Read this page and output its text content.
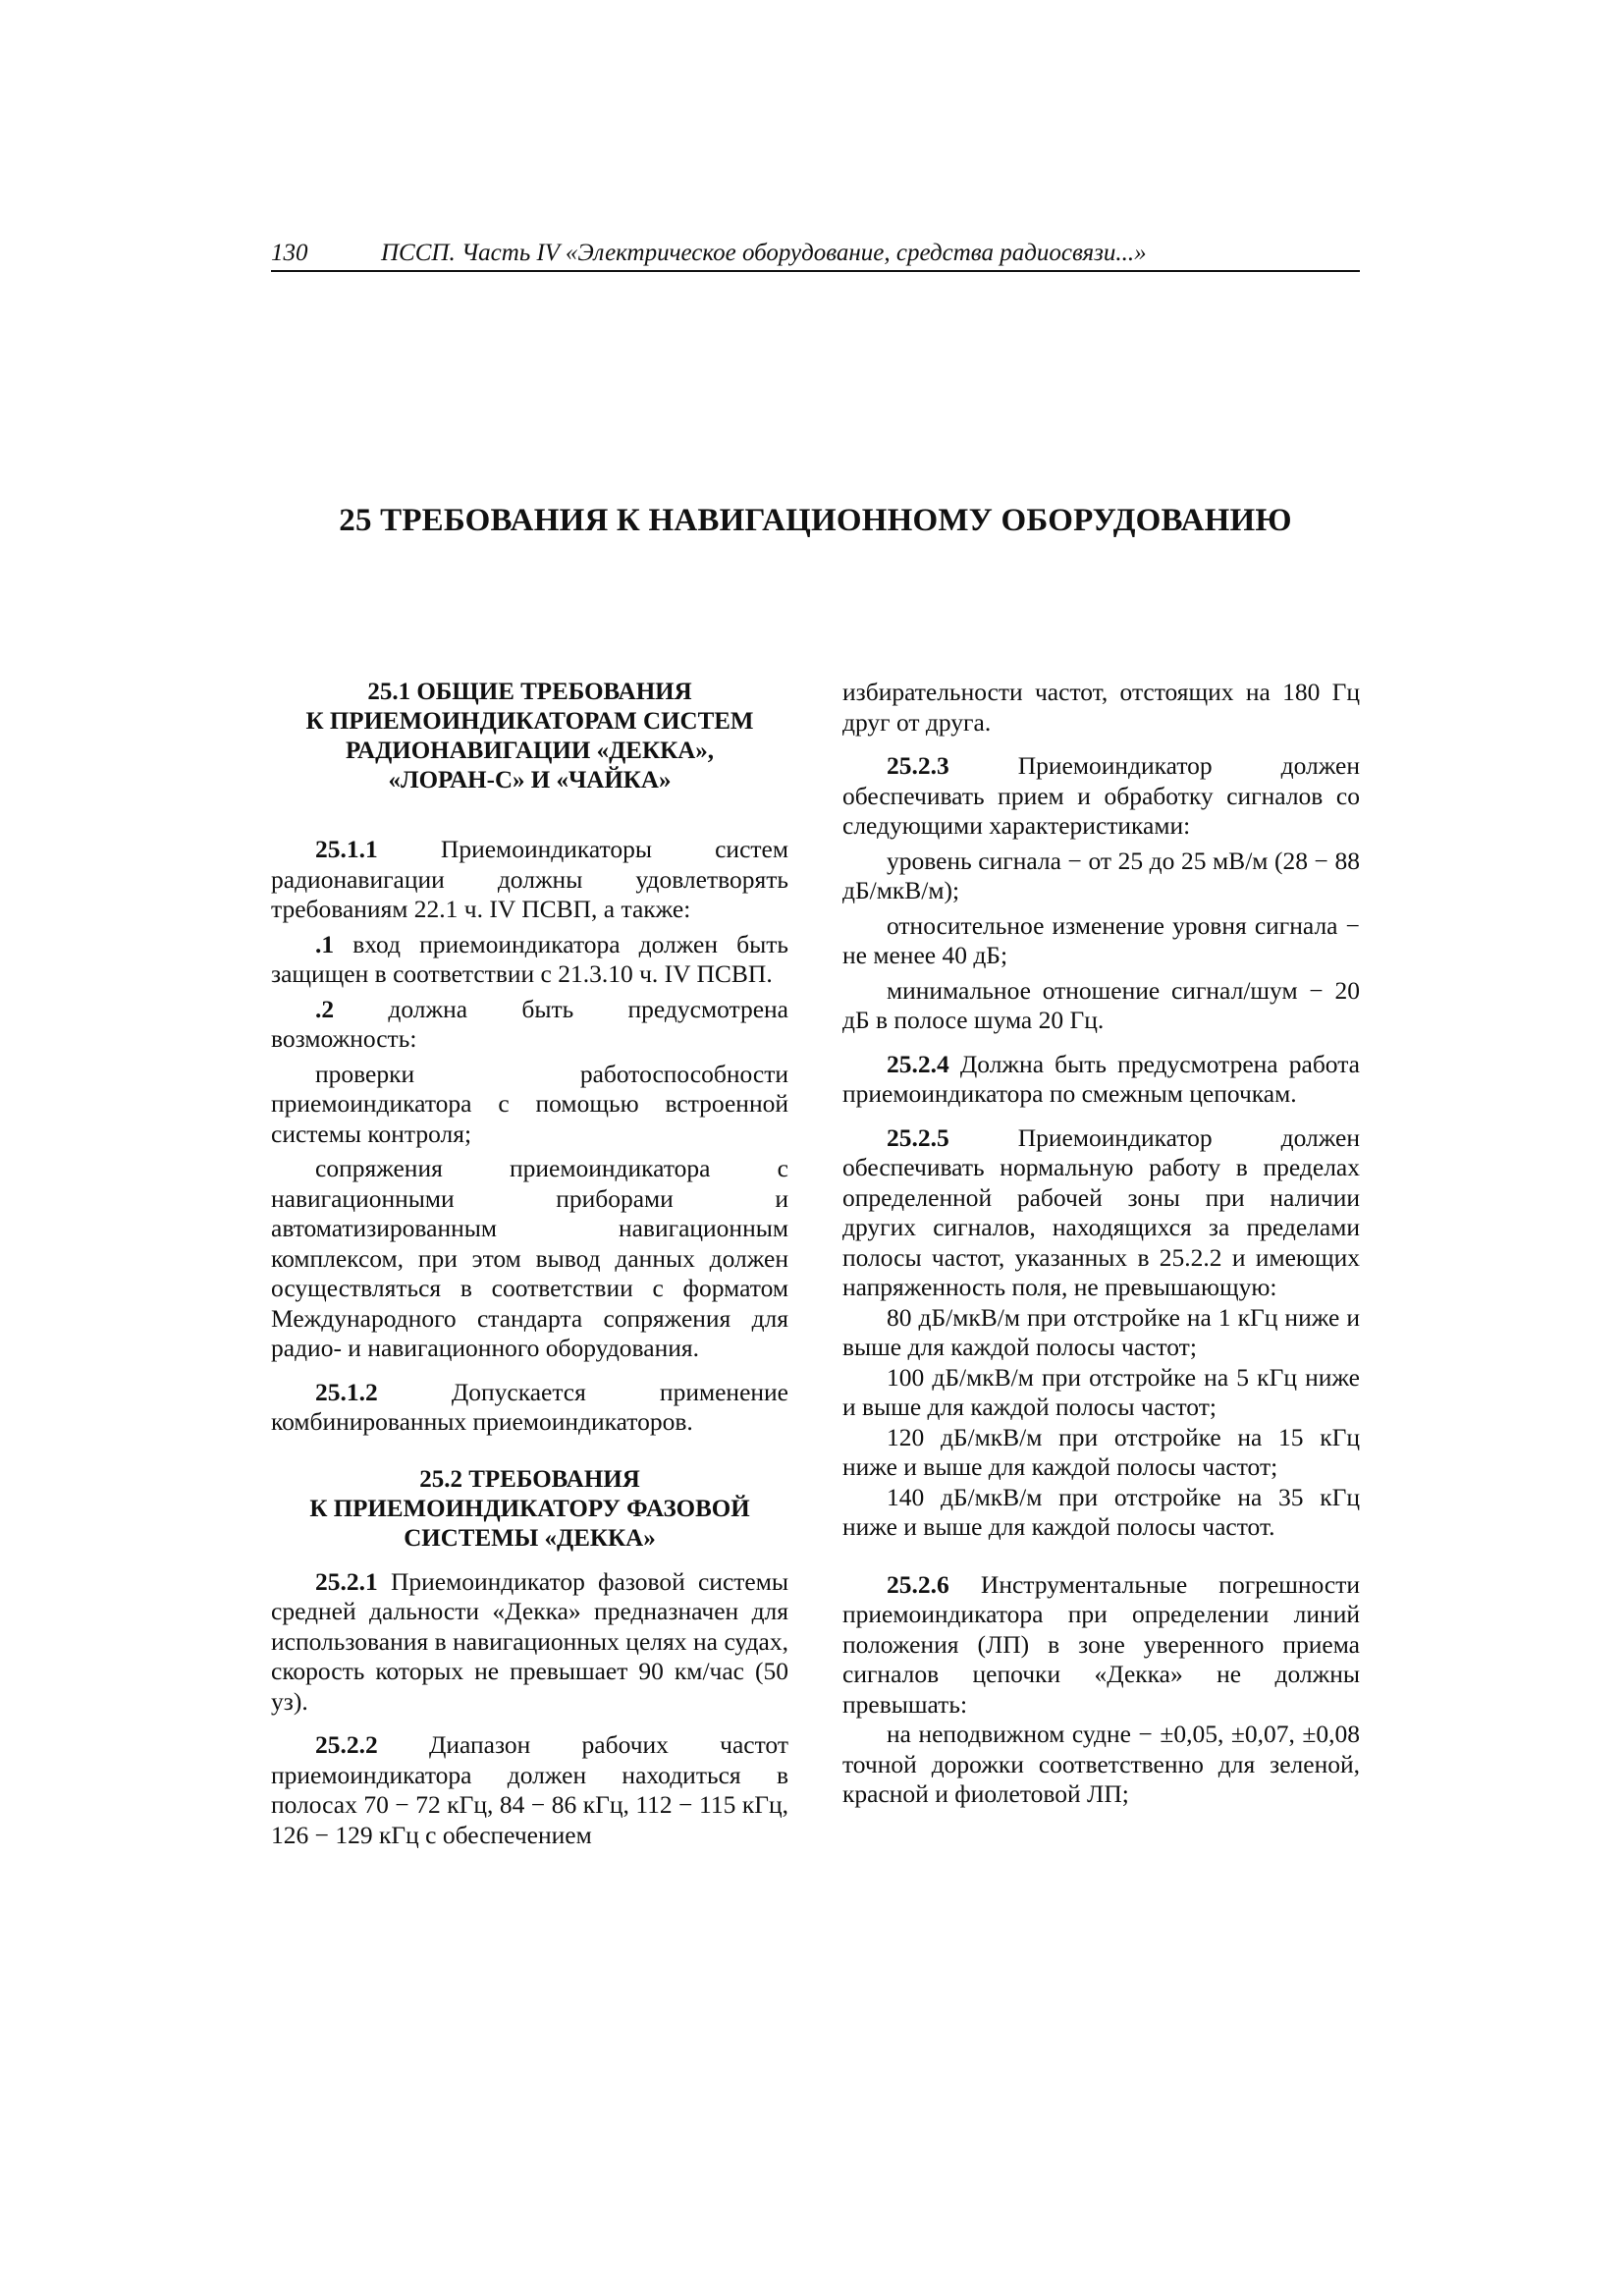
130	ПССП. Часть IV «Электрическое оборудование, средства радиосвязи...»
25 ТРЕБОВАНИЯ К НАВИГАЦИОННОМУ ОБОРУДОВАНИЮ
25.1 ОБЩИЕ ТРЕБОВАНИЯ
К ПРИЕМОИНДИКАТОРАМ СИСТЕМ
РАДИОНАВИГАЦИИ «ДЕККА»,
«ЛОРАН-С» И «ЧАЙКА»

25.1.1	Приемоиндикаторы систем радионавигации должны удовлетворять требованиям 22.1 ч. IV ПСВП, а также:

.1 вход приемоиндикатора должен быть защищен в соответствии с 21.3.10 ч. IV ПСВП.

.2 должна быть предусмотрена возможность:

проверки работоспособности приемоиндикатора с помощью встроенной системы контроля;

сопряжения приемоиндикатора с навигационными приборами и автоматизированным навигационным комплексом, при этом вывод данных должен осуществляться в соответствии с форматом Международного стандарта сопряжения для радио- и навигационного оборудования.

25.1.2	Допускается применение комбинированных приемоиндикаторов.

25.2 ТРЕБОВАНИЯ
К ПРИЕМОИНДИКАТОРУ ФАЗОВОЙ
СИСТЕМЫ «ДЕККА»

25.2.1 Приемоиндикатор фазовой системы средней дальности «Декка» предназначен для использования в навигационных целях на судах, скорость которых не превышает 90 км/час (50 уз).

25.2.2 Диапазон рабочих частот приемоиндикатора должен находиться в полосах 70 − 72 кГц, 84 − 86 кГц, 112 − 115 кГц, 126 − 129 кГц с обеспечением

избирательности частот, отстоящих на 180 Гц друг от друга.

25.2.3	Приемоиндикатор должен обеспечивать прием и обработку сигналов со следующими характеристиками:

уровень сигнала − от 25 до 25 мВ/м (28 − 88 дБ/мкВ/м);

относительное изменение уровня сигнала − не менее 40 дБ;

минимальное отношение сигнал/шум − 20 дБ в полосе шума 20 Гц.

25.2.4 Должна быть предусмотрена работа приемоиндикатора по смежным цепочкам.

25.2.5	Приемоиндикатор должен обеспечивать нормальную работу в пределах определенной рабочей зоны при наличии других сигналов, находящихся за пределами полосы частот, указанных в 25.2.2 и имеющих напряженность поля, не превышающую:

80 дБ/мкВ/м при отстройке на 1 кГц ниже и выше для каждой полосы частот;

100 дБ/мкВ/м при отстройке на 5 кГц ниже и выше для каждой полосы частот;

120 дБ/мкВ/м при отстройке на 15 кГц ниже и выше для каждой полосы частот;

140 дБ/мкВ/м при отстройке на 35 кГц ниже и выше для каждой полосы частот.

25.2.6 Инструментальные погрешности приемоиндикатора при определении линий положения (ЛП) в зоне уверенного приема сигналов цепочки «Декка» не должны превышать:

на неподвижном судне − ±0,05, ±0,07, ±0,08 точной дорожки соответственно для зеленой, красной и фиолетовой ЛП;
